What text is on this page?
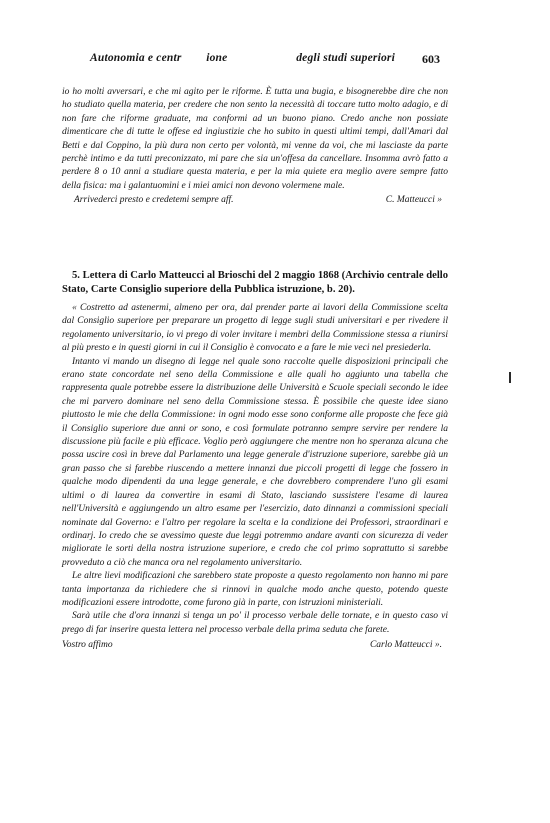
Autonomia e centr ione	degli studi superiori 603

io ho molti avversari, e che mi agito per le riforme. È tutta una bugia, e bisognerebbe dire che non ho studiato quella materia, per credere che non sento la necessità di toccare tutto molto adagio, e di non fare che riforme graduate, ma conformi ad un buono piano. Credo anche non possiate dimenticare che di tutte le offese ed ingiustizie che ho subito in questi ultimi tempi, dall'Amari dal Betti e dal Coppino, la più dura non certo per volontà, mi venne da voi, che mi lasciaste da parte perchè intimo e da tutti preconizzato, mi pare che sia un'offesa da cancellare. Insomma avrò fatto a perdere 8 o 10 anni a studiare questa materia, e per la mia quiete era meglio avere sempre fatto della fisica: ma i galantuomini e i miei amici non devono volermene male.

Arrivederci presto e credetemi sempre aff.	C. Matteucci »
5. Lettera di Carlo Matteucci al Brioschi del 2 maggio 1868 (Archivio centrale dello Stato, Carte Consiglio superiore della Pubblica istruzione, b. 20).

« Costretto ad astenermi, almeno per ora, dal prender parte ai lavori della Commissione scelta dal Consiglio superiore per preparare un progetto di legge sugli studi universitari e per rivedere il regolamento universitario, io vi prego di voler invitare i membri della Commissione stessa a riunirsi al più presto e in questi giorni in cui il Consiglio è convocato e a fare le mie veci nel presiederla.

Intanto vi mando un disegno di legge nel quale sono raccolte quelle disposizioni principali che erano state concordate nel seno della Commissione e alle quali ho aggiunto una tabella che rappresenta quale potrebbe essere la distribuzione delle Università e Scuole speciali secondo le idee che mi parvero dominare nel seno della Commissione stessa. È possibile che queste idee siano piuttosto le mie che della Commissione: in ogni modo esse sono conforme alle proposte che fece già il Consiglio superiore due anni or sono, e così formulate potranno sempre servire per rendere la discussione più facile e più efficace. Voglio però aggiungere che mentre non ho speranza alcuna che possa uscire così in breve dal Parlamento una legge generale d'istruzione superiore, sarebbe già un gran passo che si farebbe riuscendo a mettere innanzi due piccoli progetti di legge che fossero in qualche modo dipendenti da una legge generale, e che dovrebbero comprendere l'uno gli esami ultimi o di laurea da convertire in esami di Stato, lasciando sussistere l'esame di laurea nell'Università e aggiungendo un altro esame per l'esercizio, dato dinnanzi a commissioni speciali nominate dal Governo: e l'altro per regolare la scelta e la condizione dei Professori, straordinari e ordinarj. Io credo che se avessimo queste due leggi potremmo andare avanti con sicurezza di veder migliorate le sorti della nostra istruzione superiore, e credo che col primo soprattutto si sarebbe provveduto a ciò che manca ora nel regolamento universitario.

Le altre lievi modificazioni che sarebbero state proposte a questo regolamento non hanno mi pare tanta importanza da richiedere che si rinnovi in qualche modo anche questo, potendo queste modificazioni essere introdotte, come furono già in parte, con istruzioni ministeriali.

Sarà utile che d'ora innanzi si tenga un po' il processo verbale delle tornate, e in questo caso vi prego di far inserire questa lettera nel processo verbale della prima seduta che farete.

Vostro affimo	Carlo Matteucci ».
